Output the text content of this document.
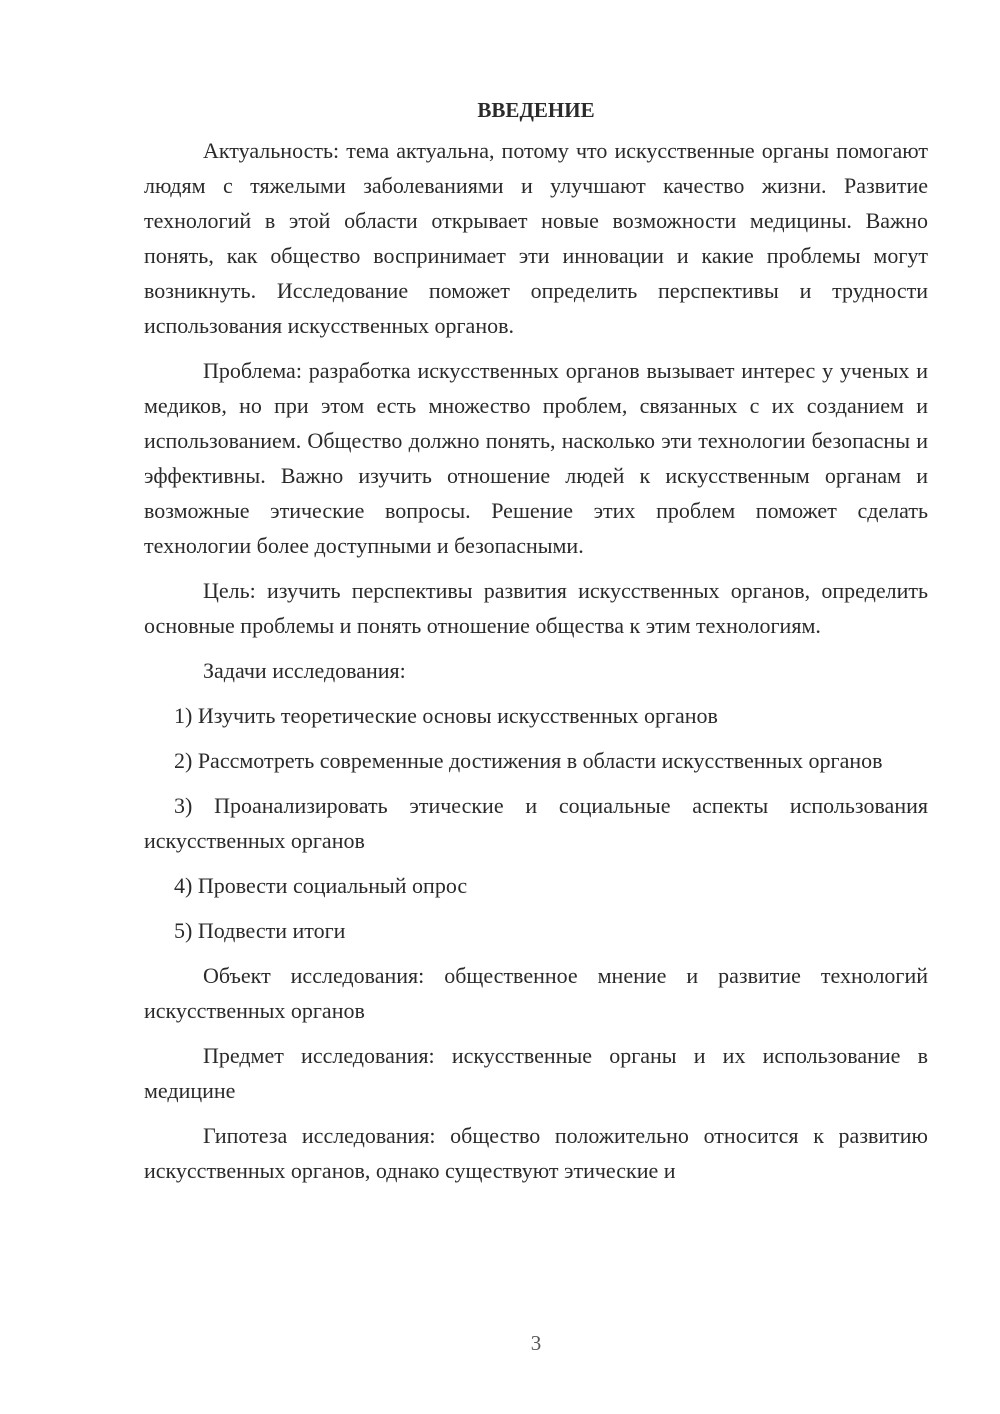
ВВЕДЕНИЕ

Актуальность: тема актуальна, потому что искусственные органы помогают людям с тяжелыми заболеваниями и улучшают качество жизни. Развитие технологий в этой области открывает новые возможности медицины. Важно понять, как общество воспринимает эти инновации и какие проблемы могут возникнуть. Исследование поможет определить перспективы и трудности использования искусственных органов.

Проблема: разработка искусственных органов вызывает интерес у ученых и медиков, но при этом есть множество проблем, связанных с их созданием и использованием. Общество должно понять, насколько эти технологии безопасны и эффективны. Важно изучить отношение людей к искусственным органам и возможные этические вопросы. Решение этих проблем поможет сделать технологии более доступными и безопасными.

Цель: изучить перспективы развития искусственных органов, определить основные проблемы и понять отношение общества к этим технологиям.

Задачи исследования:

1) Изучить теоретические основы искусственных органов

2) Рассмотреть современные достижения в области искусственных органов

3) Проанализировать этические и социальные аспекты использования искусственных органов

4) Провести социальный опрос

5) Подвести итоги

Объект исследования: общественное мнение и развитие технологий искусственных органов

Предмет исследования: искусственные органы и их использование в медицине

Гипотеза исследования: общество положительно относится к развитию искусственных органов, однако существуют этические и

3
